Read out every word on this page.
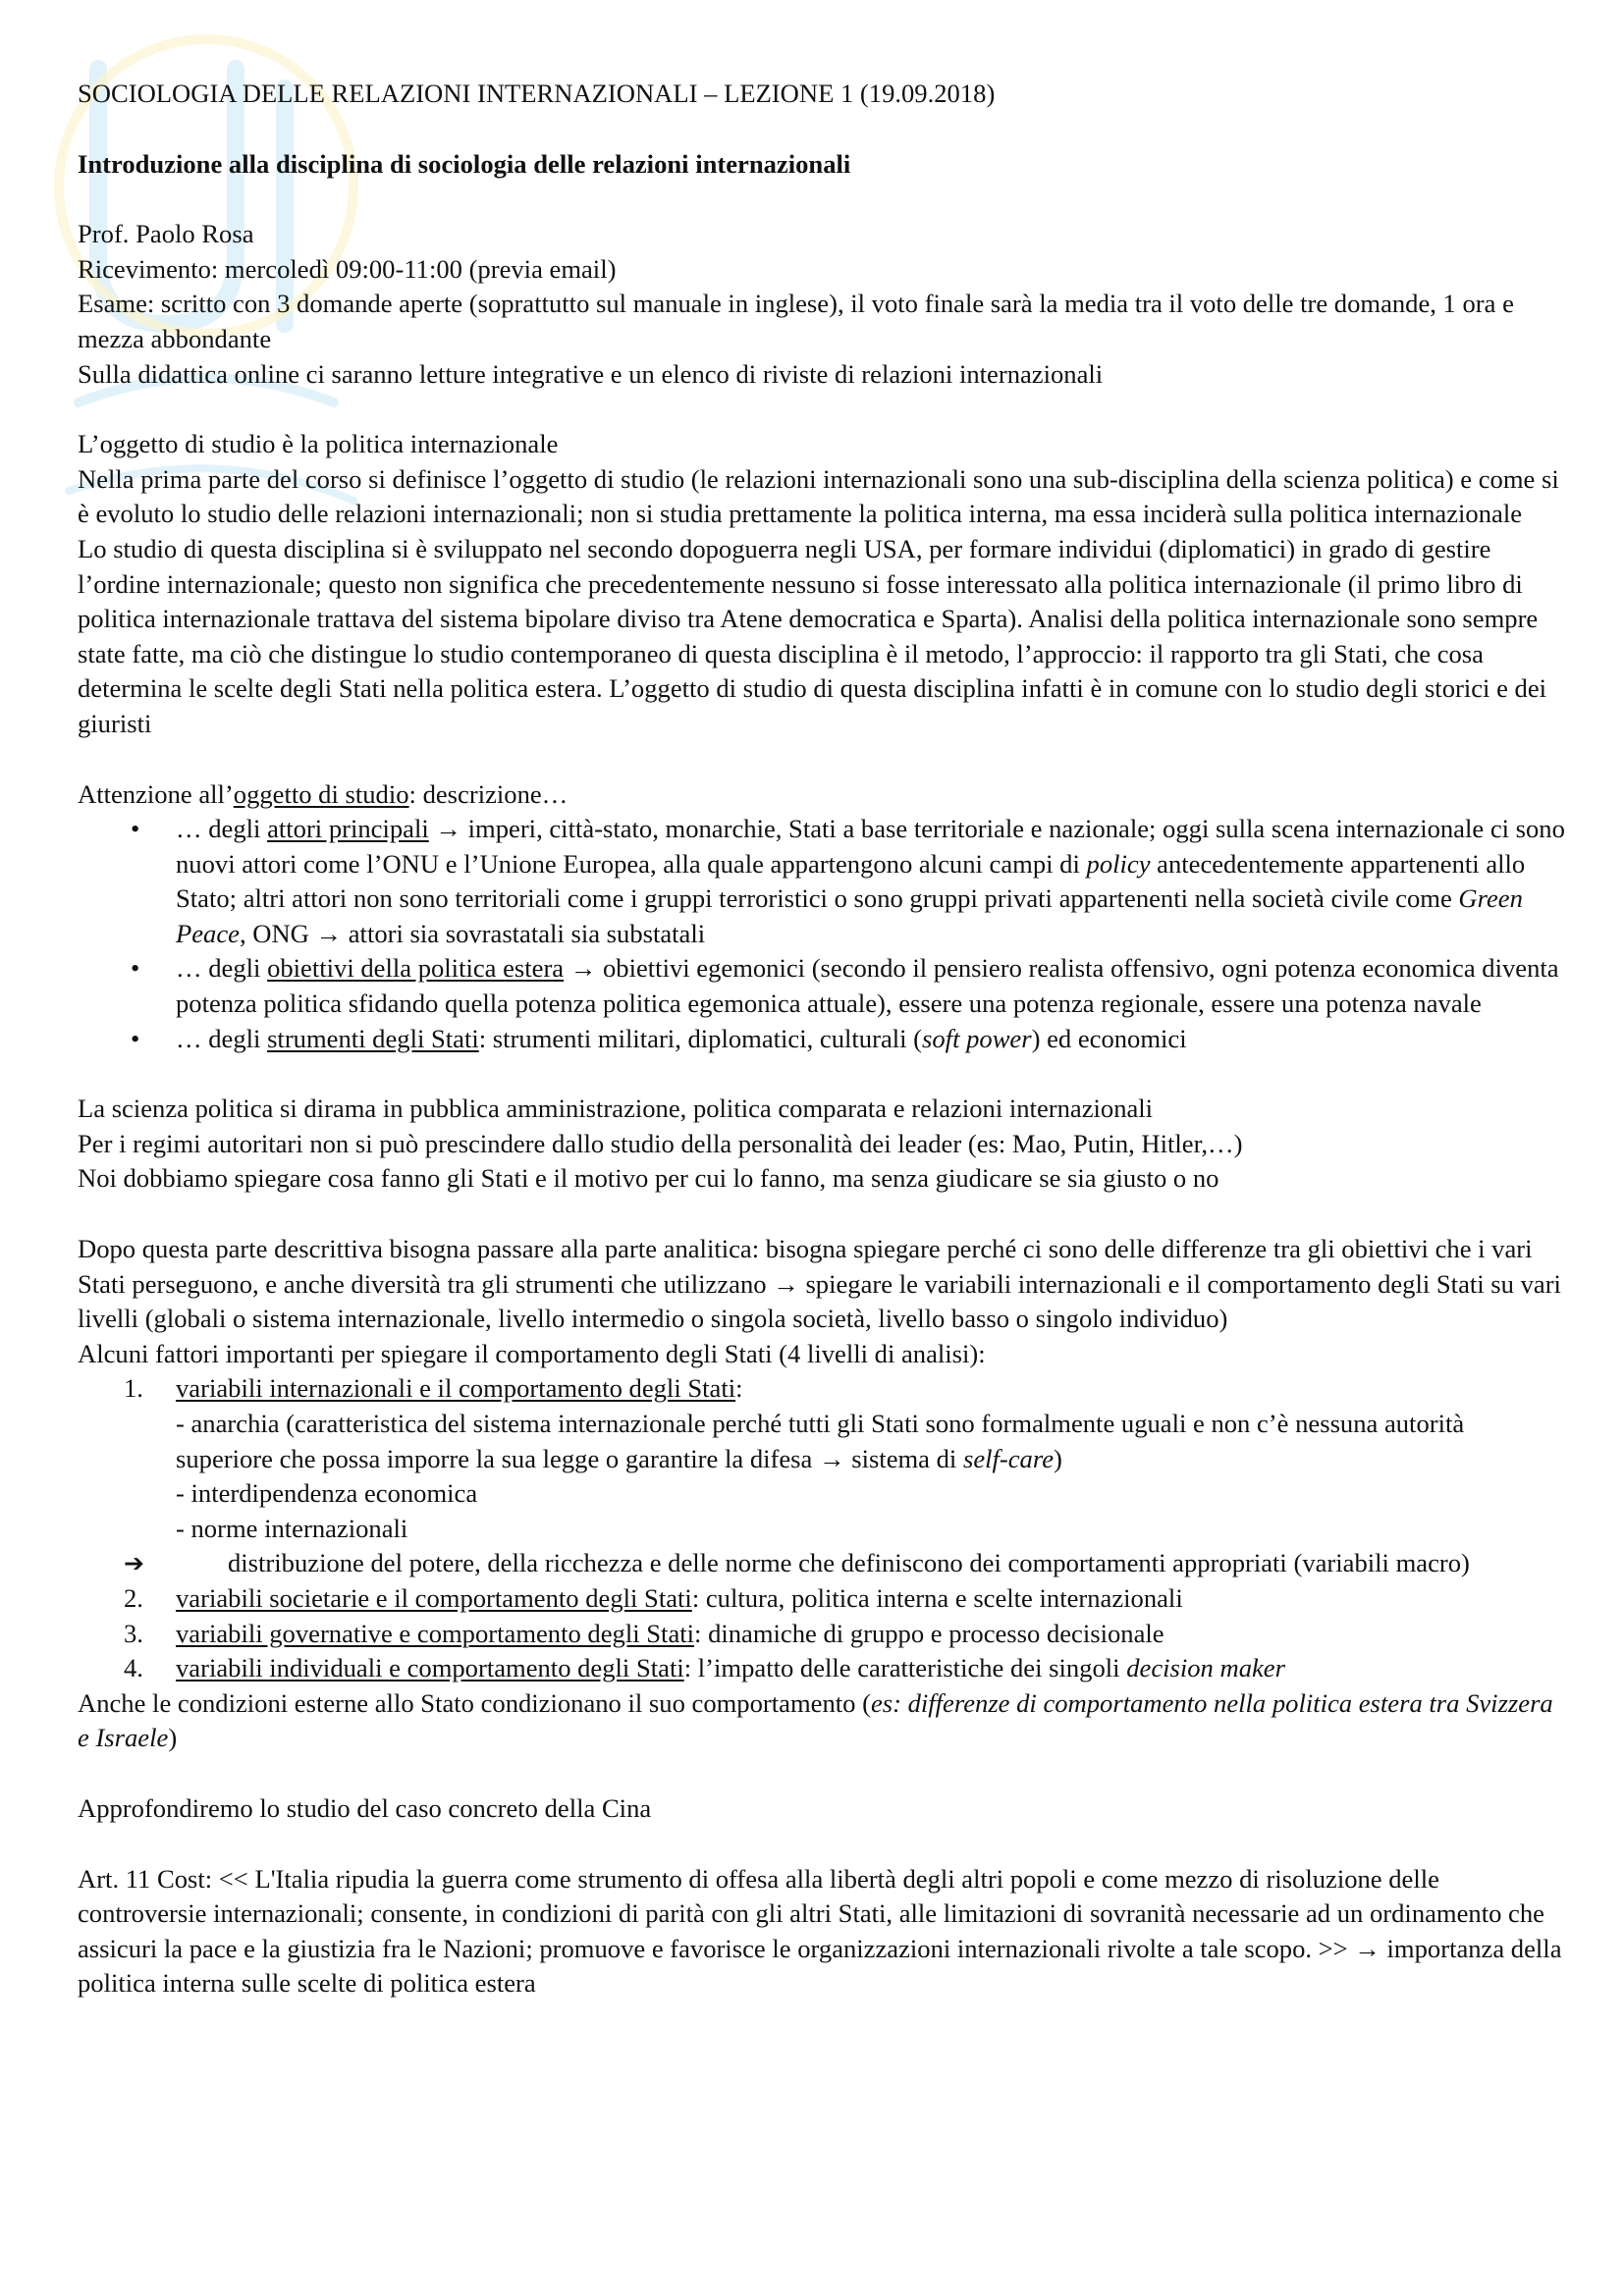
SOCIOLOGIA DELLE RELAZIONI INTERNAZIONALI – LEZIONE 1 (19.09.2018)

Introduzione alla disciplina di sociologia delle relazioni internazionali

Prof. Paolo Rosa

Ricevimento: mercoledì 09:00-11:00 (previa email)

Esame: scritto con 3 domande aperte (soprattutto sul manuale in inglese), il voto finale sarà la media tra il voto delle tre domande, 1 ora e mezza abbondante

Sulla didattica online ci saranno letture integrative e un elenco di riviste di relazioni internazionali

L’oggetto di studio è la politica internazionale

Nella prima parte del corso si definisce l’oggetto di studio (le relazioni internazionali sono una sub-disciplina della scienza politica) e come si è evoluto lo studio delle relazioni internazionali; non si studia prettamente la politica interna, ma essa inciderà sulla politica internazionale

Lo studio di questa disciplina si è sviluppato nel secondo dopoguerra negli USA, per formare individui (diplomatici) in grado di gestire l’ordine internazionale; questo non significa che precedentemente nessuno si fosse interessato alla politica internazionale (il primo libro di politica internazionale trattava del sistema bipolare diviso tra Atene democratica e Sparta). Analisi della politica internazionale sono sempre state fatte, ma ciò che distingue lo studio contemporaneo di questa disciplina è il metodo, l’approccio: il rapporto tra gli Stati, che cosa determina le scelte degli Stati nella politica estera. L’oggetto di studio di questa disciplina infatti è in comune con lo studio degli storici e dei giuristi

Attenzione all’oggetto di studio: descrizione…

• … degli attori principali → imperi, città-stato, monarchie, Stati a base territoriale e nazionale; oggi sulla scena internazionale ci sono nuovi attori come l’ONU e l’Unione Europea, alla quale appartengono alcuni campi di policy antecedentemente appartenenti allo Stato; altri attori non sono territoriali come i gruppi terroristici o sono gruppi privati appartenenti nella società civile come Green Peace, ONG → attori sia sovrastatali sia substatali
• … degli obiettivi della politica estera → obiettivi egemonici (secondo il pensiero realista offensivo, ogni potenza economica diventa potenza politica sfidando quella potenza politica egemonica attuale), essere una potenza regionale, essere una potenza navale
• … degli strumenti degli Stati: strumenti militari, diplomatici, culturali (soft power) ed economici

La scienza politica si dirama in pubblica amministrazione, politica comparata e relazioni internazionali

Per i regimi autoritari non si può prescindere dallo studio della personalità dei leader (es: Mao, Putin, Hitler,…)

Noi dobbiamo spiegare cosa fanno gli Stati e il motivo per cui lo fanno, ma senza giudicare se sia giusto o no

Dopo questa parte descrittiva bisogna passare alla parte analitica: bisogna spiegare perché ci sono delle differenze tra gli obiettivi che i vari Stati perseguono, e anche diversità tra gli strumenti che utilizzano → spiegare le variabili internazionali e il comportamento degli Stati su vari livelli (globali o sistema internazionale, livello intermedio o singola società, livello basso o singolo individuo)

Alcuni fattori importanti per spiegare il comportamento degli Stati (4 livelli di analisi):

1. variabili internazionali e il comportamento degli Stati:
- anarchia (caratteristica del sistema internazionale perché tutti gli Stati sono formalmente uguali e non c’è nessuna autorità superiore che possa imporre la sua legge o garantire la difesa → sistema di self-care)
- interdipendenza economica
- norme internazionali
➔	distribuzione del potere, della ricchezza e delle norme che definiscono dei comportamenti appropriati (variabili macro)
2. variabili societarie e il comportamento degli Stati: cultura, politica interna e scelte internazionali
3. variabili governative e comportamento degli Stati: dinamiche di gruppo e processo decisionale
4. variabili individuali e comportamento degli Stati: l’impatto delle caratteristiche dei singoli decision maker

Anche le condizioni esterne allo Stato condizionano il suo comportamento (es: differenze di comportamento nella politica estera tra Svizzera e Israele)

Approfondiremo lo studio del caso concreto della Cina

Art. 11 Cost: << L'Italia ripudia la guerra come strumento di offesa alla libertà degli altri popoli e come mezzo di risoluzione delle controversie internazionali; consente, in condizioni di parità con gli altri Stati, alle limitazioni di sovranità necessarie ad un ordinamento che assicuri la pace e la giustizia fra le Nazioni; promuove e favorisce le organizzazioni internazionali rivolte a tale scopo. >> → importanza della politica interna sulle scelte di politica estera
